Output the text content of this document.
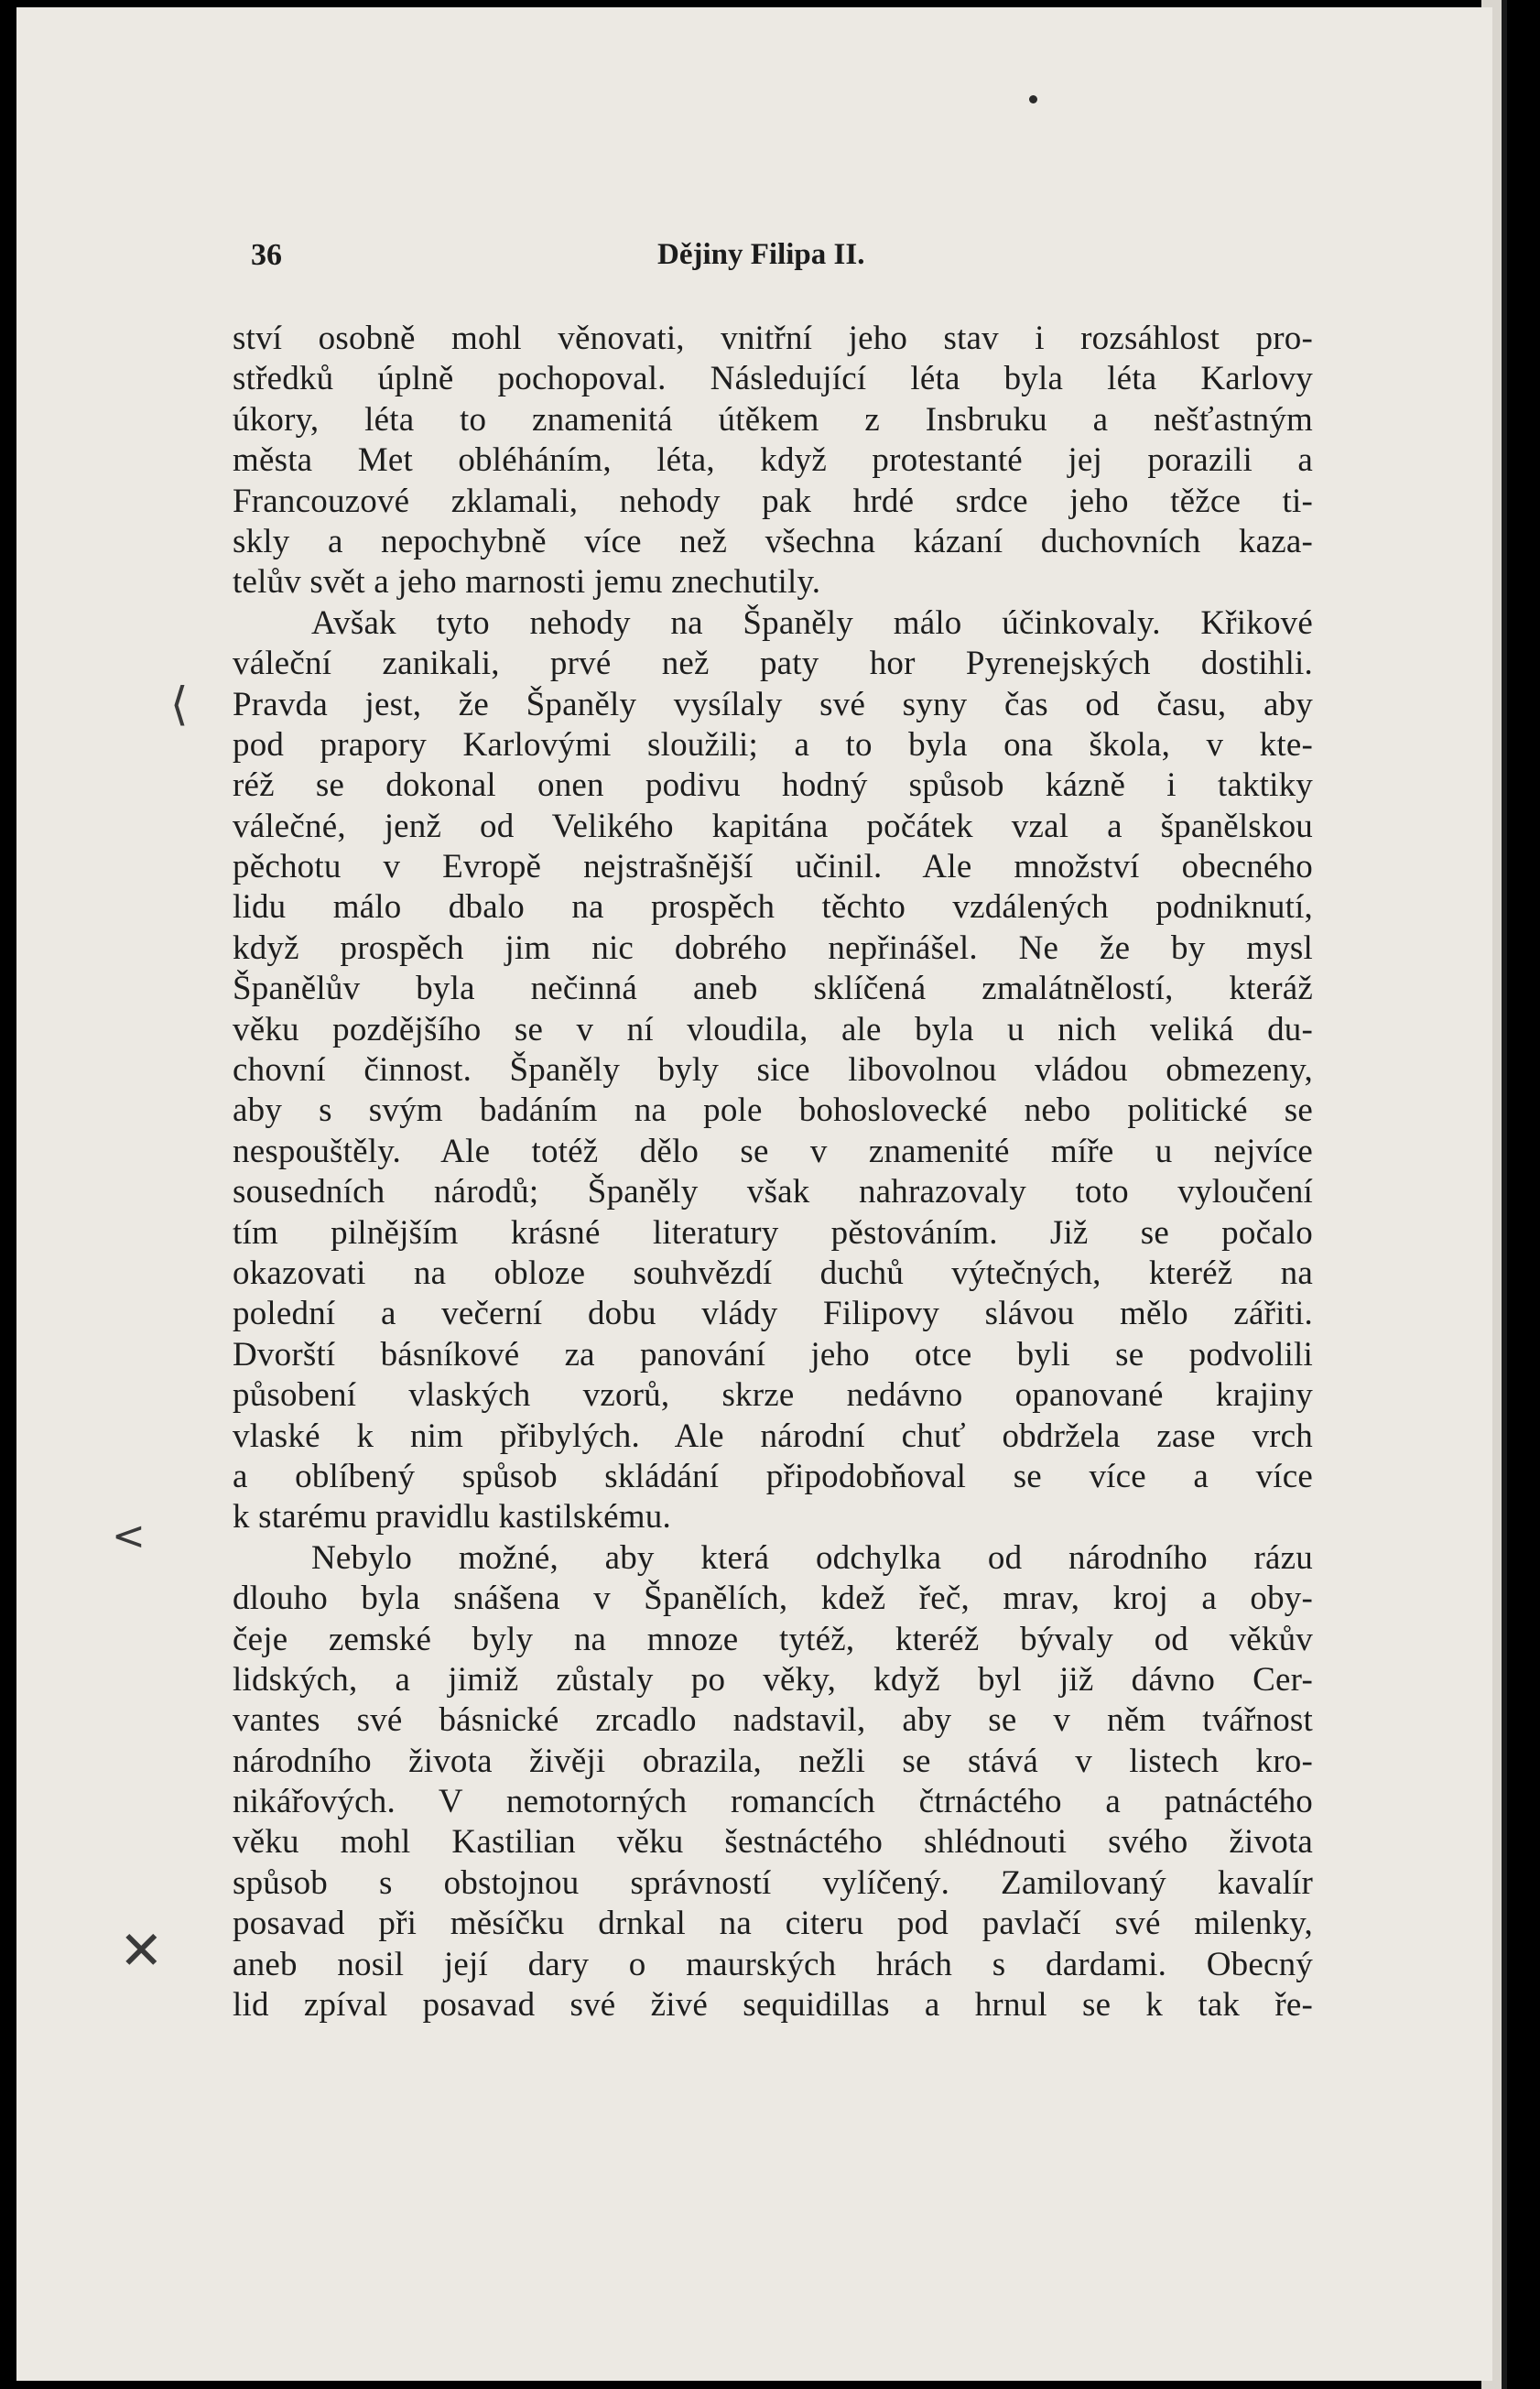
36	Dějiny Filipa II.
⟨
<
✕
ství osobně mohl věnovati, vnitřní jeho stav i rozsáhlost pro-
středků úplně pochopoval. Následující léta byla léta Karlovy
úkory, léta to znamenitá útěkem z Insbruku a nešťastným
města Met obléháním, léta, když protestanté jej porazili a
Francouzové zklamali, nehody pak hrdé srdce jeho těžce ti-
skly a nepochybně více než všechna kázaní duchovních kaza-
telův svět a jeho marnosti jemu znechutily.
Avšak tyto nehody na Španěly málo účinkovaly. Křikové
váleční zanikali, prvé než paty hor Pyrenejských dostihli.
Pravda jest, že Španěly vysílaly své syny čas od času, aby
pod prapory Karlovými sloužili; a to byla ona škola, v kte-
réž se dokonal onen podivu hodný spůsob kázně i taktiky
válečné, jenž od Velikého kapitána počátek vzal a španělskou
pěchotu v Evropě nejstrašnější učinil. Ale množství obecného
lidu málo dbalo na prospěch těchto vzdálených podniknutí,
když prospěch jim nic dobrého nepřinášel. Ne že by mysl
Španělův byla nečinná aneb sklíčená zmalátnělostí, kteráž
věku pozdějšího se v ní vloudila, ale byla u nich veliká du-
chovní činnost. Španěly byly sice libovolnou vládou obmezeny,
aby s svým badáním na pole bohoslovecké nebo politické se
nespouštěly. Ale totéž dělo se v znamenité míře u nejvíce
sousedních národů; Španěly však nahrazovaly toto vyloučení
tím pilnějším krásné literatury pěstováním. Již se počalo
okazovati na obloze souhvězdí duchů výtečných, kteréž na
polední a večerní dobu vlády Filipovy slávou mělo zářiti.
Dvorští básníkové za panování jeho otce byli se podvolili
působení vlaských vzorů, skrze nedávno opanované krajiny
vlaské k nim přibylých. Ale národní chuť obdržela zase vrch
a oblíbený spůsob skládání připodobňoval se více a více
k starému pravidlu kastilskému.
Nebylo možné, aby která odchylka od národního rázu
dlouho byla snášena v Španělích, kdež řeč, mrav, kroj a oby-
čeje zemské byly na mnoze tytéž, kteréž bývaly od věkův
lidských, a jimiž zůstaly po věky, když byl již dávno Cer-
vantes své básnické zrcadlo nadstavil, aby se v něm tvářnost
národního života živěji obrazila, nežli se stává v listech kro-
nikářových. V nemotorných romancích čtrnáctého a patnáctého
věku mohl Kastilian věku šestnáctého shlédnouti svého života
spůsob s obstojnou správností vylíčený. Zamilovaný kavalír
posavad při měsíčku drnkal na citeru pod pavlačí své milenky,
aneb nosil její dary o maurských hrách s dardami. Obecný
lid zpíval posavad své živé sequidillas a hrnul se k tak ře-
